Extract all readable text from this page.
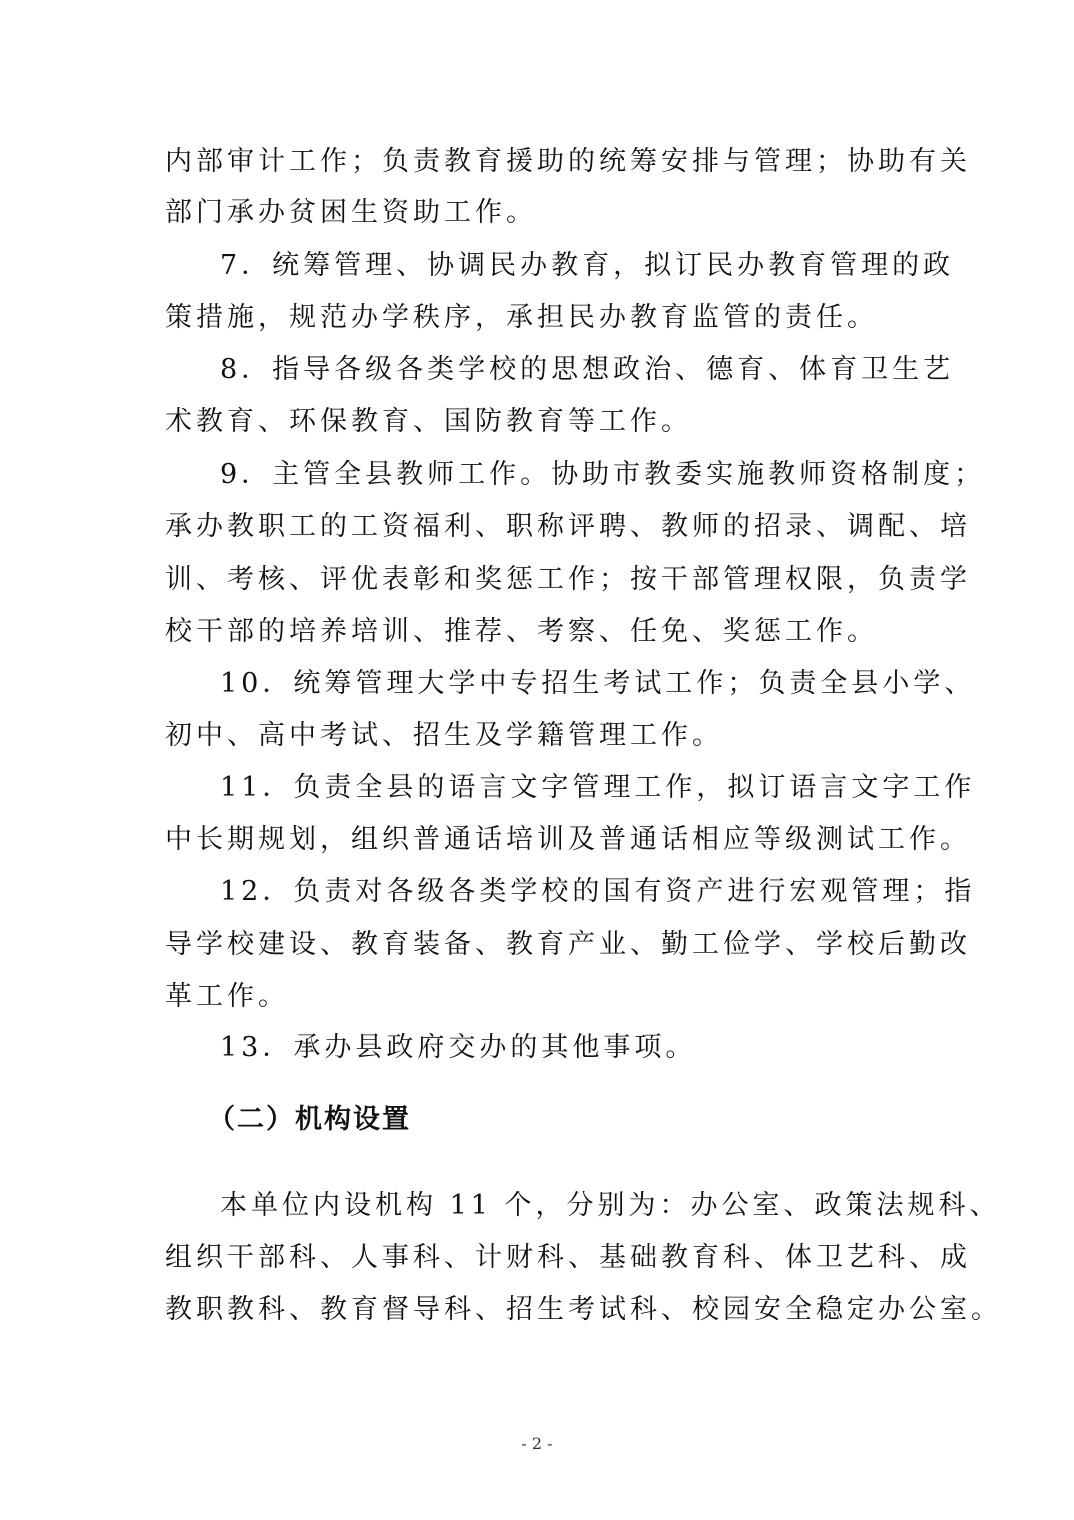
内部审计工作；负责教育援助的统筹安排与管理；协助有关
部门承办贫困生资助工作。
7．统筹管理、协调民办教育，拟订民办教育管理的政
策措施，规范办学秩序，承担民办教育监管的责任。
8．指导各级各类学校的思想政治、德育、体育卫生艺
术教育、环保教育、国防教育等工作。
9．主管全县教师工作。协助市教委实施教师资格制度；
承办教职工的工资福利、职称评聘、教师的招录、调配、培
训、考核、评优表彰和奖惩工作；按干部管理权限，负责学
校干部的培养培训、推荐、考察、任免、奖惩工作。
10．统筹管理大学中专招生考试工作；负责全县小学、
初中、高中考试、招生及学籍管理工作。
11．负责全县的语言文字管理工作，拟订语言文字工作
中长期规划，组织普通话培训及普通话相应等级测试工作。
12．负责对各级各类学校的国有资产进行宏观管理；指
导学校建设、教育装备、教育产业、勤工俭学、学校后勤改
革工作。
13．承办县政府交办的其他事项。
（二）机构设置
本单位内设机构 11 个，分别为：办公室、政策法规科、
组织干部科、人事科、计财科、基础教育科、体卫艺科、成
教职教科、教育督导科、招生考试科、校园安全稳定办公室。
- 2 -
